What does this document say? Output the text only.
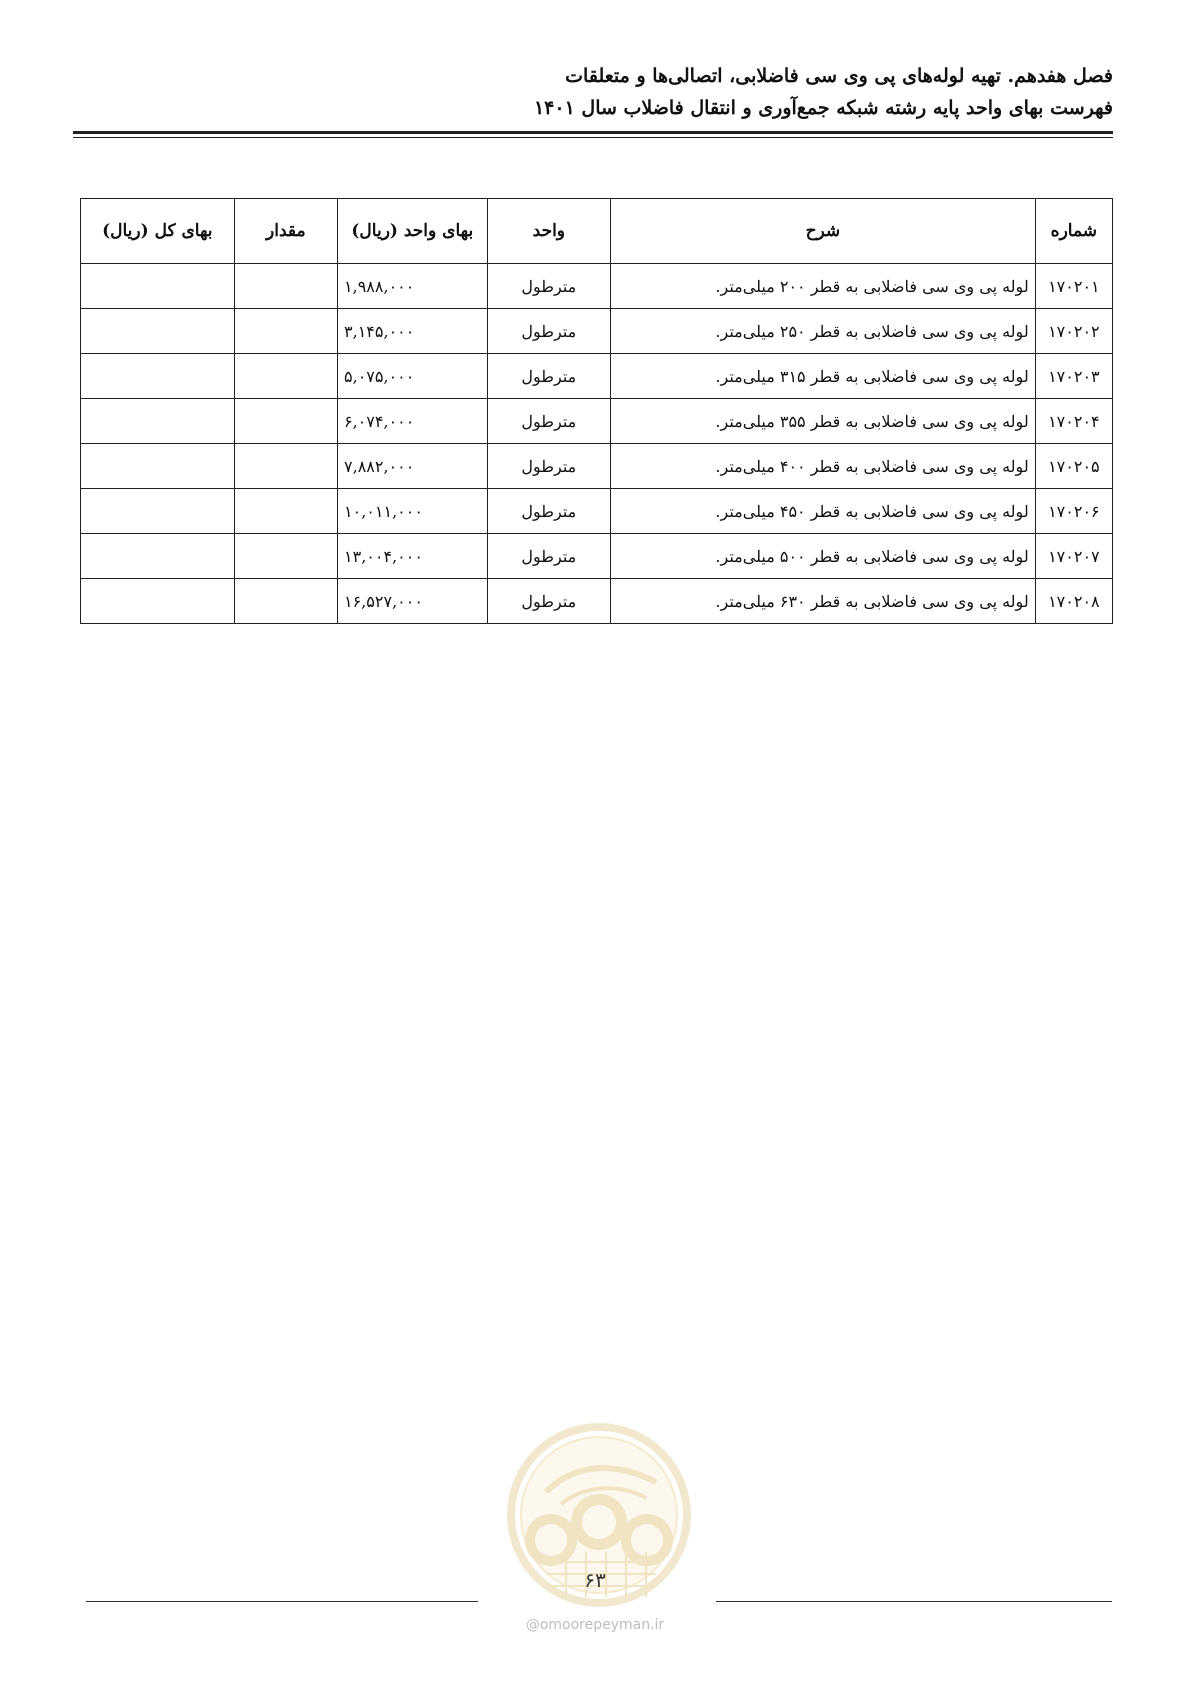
فصل هفدهم. تهیه لوله‌های پی وی سی فاضلابی، اتصالی‌ها و متعلقات
فهرست بهای واحد پایه رشته شبکه جمع‌آوری و انتقال فاضلاب سال ۱۴۰۱
شماره	شرح	واحد	بهای واحد (ریال)	مقدار	بهای کل (ریال)
۱۷۰۲۰۱	لوله پی وی سی فاضلابی به قطر ۲۰۰ میلی‌متر.	مترطول	۱,۹۸۸,۰۰۰		
۱۷۰۲۰۲	لوله پی وی سی فاضلابی به قطر ۲۵۰ میلی‌متر.	مترطول	۳,۱۴۵,۰۰۰		
۱۷۰۲۰۳	لوله پی وی سی فاضلابی به قطر ۳۱۵ میلی‌متر.	مترطول	۵,۰۷۵,۰۰۰		
۱۷۰۲۰۴	لوله پی وی سی فاضلابی به قطر ۳۵۵ میلی‌متر.	مترطول	۶,۰۷۴,۰۰۰		
۱۷۰۲۰۵	لوله پی وی سی فاضلابی به قطر ۴۰۰ میلی‌متر.	مترطول	۷,۸۸۲,۰۰۰		
۱۷۰۲۰۶	لوله پی وی سی فاضلابی به قطر ۴۵۰ میلی‌متر.	مترطول	۱۰,۰۱۱,۰۰۰		
۱۷۰۲۰۷	لوله پی وی سی فاضلابی به قطر ۵۰۰ میلی‌متر.	مترطول	۱۳,۰۰۴,۰۰۰		
۱۷۰۲۰۸	لوله پی وی سی فاضلابی به قطر ۶۳۰ میلی‌متر.	مترطول	۱۶,۵۲۷,۰۰۰		
۶۳
@omoorepeyman.ir
